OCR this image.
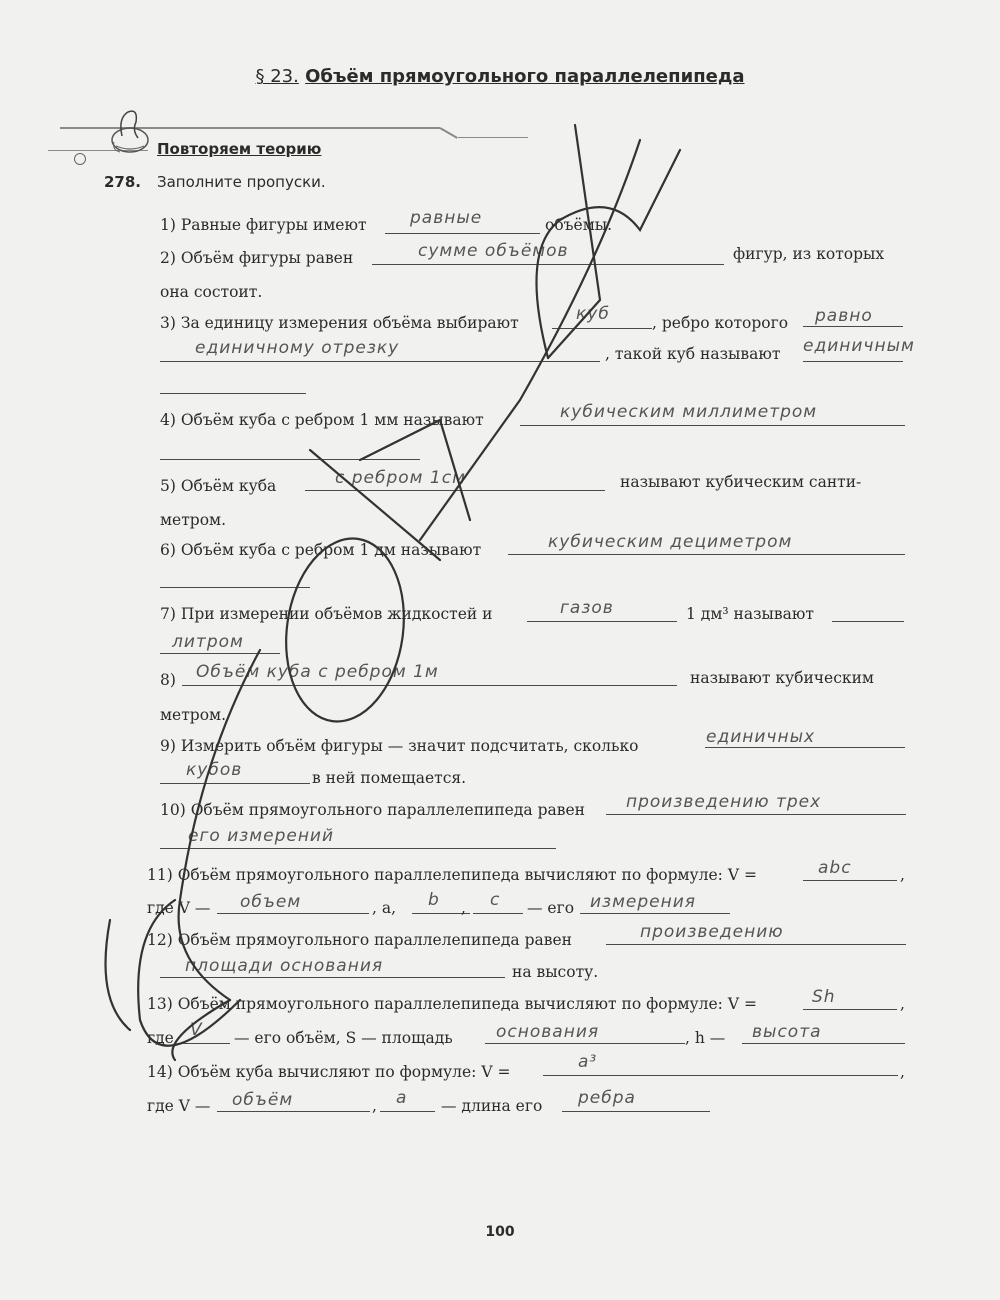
§ 23. Объём прямоугольного параллелепипеда
Повторяем теорию
278. Заполните пропуски.
1) Равные фигуры имеют	равные	объёмы.
2) Объём фигуры равен	сумме объёмов	фигур, из которых
она состоит.
3) За единицу измерения объёма выбирают	куб	, ребро которого равно
единичному отрезку	, такой куб называют единичным
4) Объём куба с ребром 1 мм называют	кубическим миллиметром
5) Объём куба	с ребром 1см	называют кубическим санти-
метром.
6) Объём куба с ребром 1 дм называют	кубическим дециметром
7) При измерении объёмов жидкостей и	газов	1 дм³ называют
литром
8) Объём куба с ребром 1м	называют кубическим
метром.
9) Измерить объём фигуры — значит подсчитать, сколько	единичных
кубов	в ней помещается.
10) Объём прямоугольного параллелепипеда равен произведению трех
его измерений
11) Объём прямоугольного параллелепипеда вычисляют по формуле: V =	abc	,
где V — объем	, a, b , c — его измерения
12) Объём прямоугольного параллелепипеда равен	произведению
площади основания	на высоту.
13) Объём прямоугольного параллелепипеда вычисляют по формуле: V =	Sh	,
где V — его объём, S — площадь	основания	, h — высота
14) Объём куба вычисляют по формуле: V =	a³	,
где V — объём	, a — длина его ребра
100
